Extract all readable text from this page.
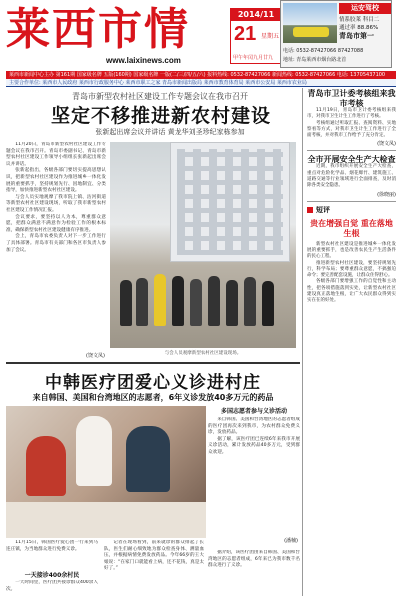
莱西市情
www.laixinews.com
2014/11
21 星期五
甲午年闰九月廿九
运安驾校
情系胶莱 科目二
通过率 88.86%
青岛市第一
电话: 0532-87427066 87427088
地址: 青岛莱西市烟台路北首
莱西市新闻中心主办 第161期 国家级名牌 五版(160期) 国家级名牌 一版(二/三/四/五/六) 报料热线: 0532-87427066 新闻热线: 0532-87427066 电话: 13705437100
主要合作单位: 莱西市人民政府 莱西市行政服务中心 莱西市职工之家 青岛市新闻出版局 莱西市教育体育局 莱西市公安局 莱西市农业局
青岛市新型农村社区建设工作专题会议在我市召开
坚定不移推进新农村建设
张新起出席会议并讲话 黄龙华刘圣珍纪家栋参加

11月20日，青岛市新型农村社区建设工作专题会议在我市召开。青岛市委副书记、青岛市新型农村社区建设工作领导小组组长张新起出席会议并讲话。

张新起指出，各级各部门要切实提高思想认识，把新型农村社区建设作为推进城乡一体化发展的重要抓手，坚持规划先行、因地制宜、分类指导，加快推进新型农村社区建设。

与会人员实地观摩了我市院上镇、沽河街道等新型农村社区建设现场，听取了我市新型农村社区建设工作情况汇报。

会议要求，要坚持以人为本，尊重群众意愿，把群众满意不满意作为检验工作的根本标准，确保新型农村社区建设健康有序推进。

会上，青岛市农委负责人对下一步工作进行了具体部署。青岛市有关部门和各区市负责人参加了会议。

(饶文凤)	与会人员观摩新型农村社区建设现场。
青岛市卫计委考核组来我市考核

11月19日，青岛市卫计委考核组来我市，对我市卫生计生工作进行了考核。

考核组通过听取汇报、查阅资料、实地察看等方式，对我市卫生计生工作进行了全面考核，并对我市工作给予了充分肯定。

(饶文凤)
全市开展安全生产大检查

近期，我市组织开展安全生产大检查，重点对危险化学品、烟花爆竹、建筑施工、道路交通等行业领域进行全面排查，及时消除各类安全隐患。

(徐晓丽)
短评
贵在增强自觉 重在落地生根

新型农村社区建设是推进城乡一体化发展的重要抓手，也是改善农民生产生活条件的民心工程。

推进新型农村社区建设，要坚持规划先行，科学布局；要尊重群众意愿，不搞强迫命令；要完善配套设施，让群众住得舒心。

各级各部门要增强工作的自觉性和主动性，把各项措施落到实处，让新型农村社区建设真正落地生根，让广大农民群众得到实实在在的好处。

中韩医疗团爱心义诊进村庄
来自韩国、美国和台湾地区的志愿者，6年义诊发放40多万元的药品
多国志愿者参与义诊活动

来自韩国、美国和台湾地区的志愿者组成的医疗团再次来到我市，为农村群众免费义诊，发放药品。

据了解，该医疗团已连续6年来我市开展义诊活动，累计发放药品40多万元，受到群众欢迎。

(潘楠)

11月15日，韩国医疗爱心团一行来到马连庄镇，为当地群众进行免费义诊。

记者在现场看到，前来就诊的群众排起了长队，医生们耐心细致地为群众检查身体、测量血压，并根据病情免费发放药品。今年66岁的王大娘说：“在家门口就能看上病，还不花钱，真是太好了。”

据介绍，该医疗团由来自韩国、美国和台湾地区的志愿者组成，6年来已为我市数千名群众进行了义诊。

一天接诊400余村民

一天时间里，医疗团共接诊群众400余人次。
